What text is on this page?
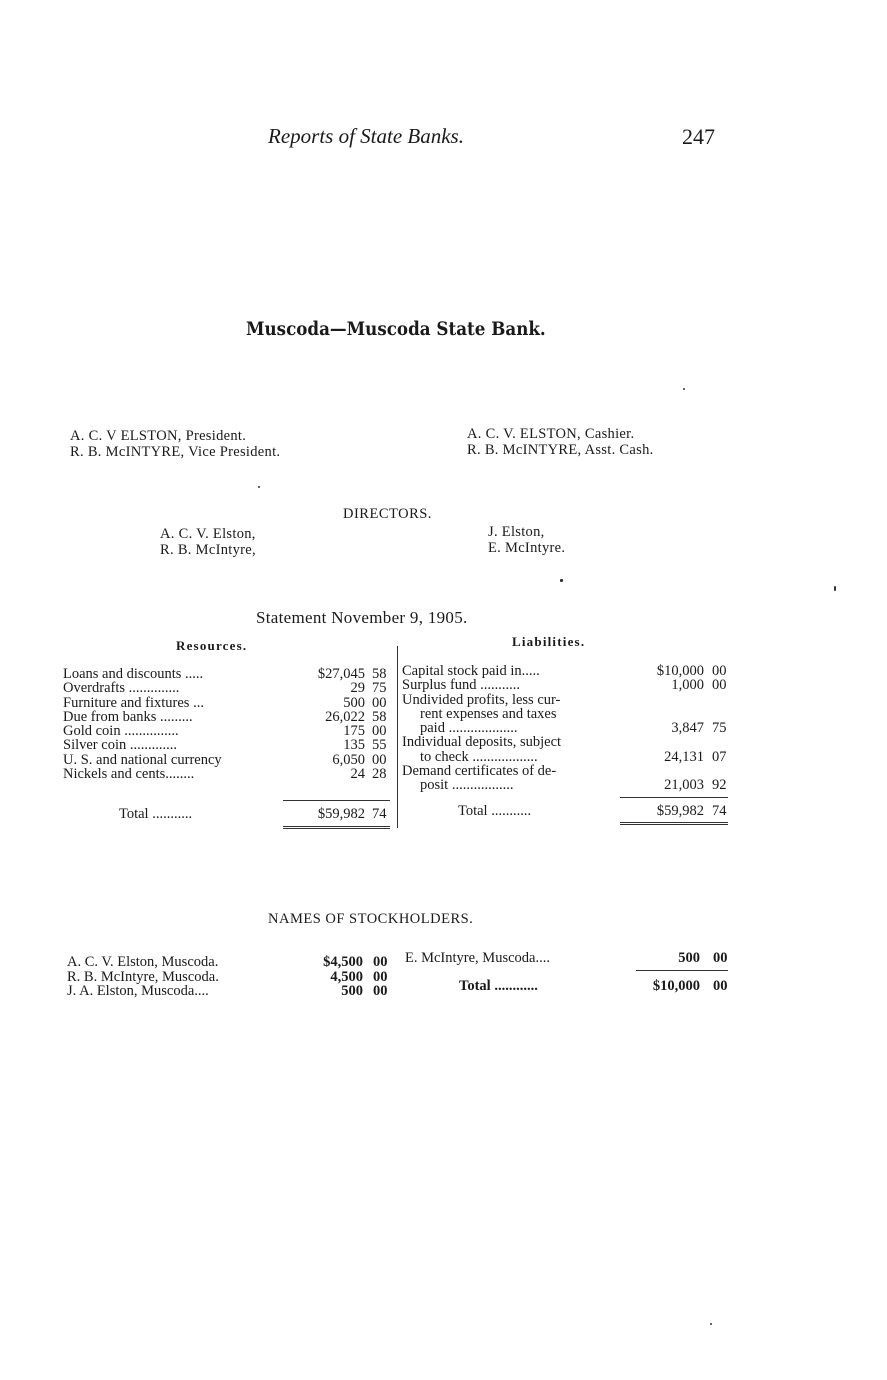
Reports of State Banks.	247
Muscoda—Muscoda State Bank.
A. C. V ELSTON, President.
R. B. McINTYRE, Vice President.
A. C. V. ELSTON, Cashier.
R. B. McINTYRE, Asst. Cash.
DIRECTORS.
A. C. V. Elston,
R. B. McIntyre,
J. Elston,
E. McIntyre.
Statement November 9, 1905.
Resources.	Liabilities.
Loans and discounts .....	$27,045 58
Overdrafts ..............	29 75
Furniture and fixtures ...	500 00
Due from banks .........	26,022 58
Gold coin ...............	175 00
Silver coin .............	135 55
U. S. and national currency	6,050 00
Nickels and cents........	24 28
Total ...........	$59,982 74
Capital stock paid in.....	$10,000 00
Surplus fund ...........	1,000 00
Undivided profits, less cur-
rent expenses and taxes
paid ...................	3,847 75
Individual deposits, subject
to check ..................	24,131 07
Demand certificates of de-
posit .................	21,003 92
Total ...........	$59,982 74
NAMES OF STOCKHOLDERS.
A. C. V. Elston, Muscoda.	$4,500 00
R. B. McIntyre, Muscoda.	4,500 00
J. A. Elston, Muscoda....	500 00
E. McIntyre, Muscoda....	500 00
Total ............	$10,000 00
